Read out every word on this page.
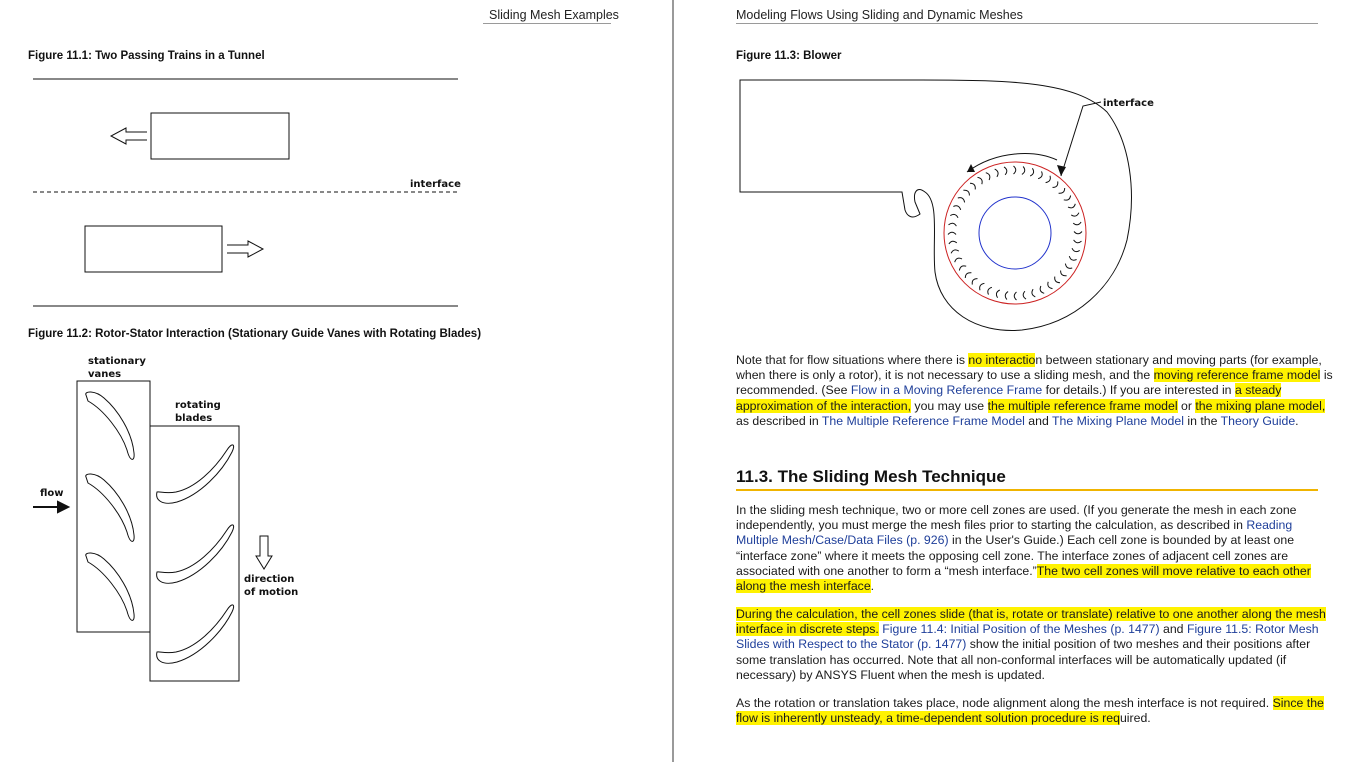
Sliding Mesh Examples
Figure 11.1: Two Passing Trains in a Tunnel
interface
Figure 11.2: Rotor-Stator Interaction (Stationary Guide Vanes with Rotating Blades)
stationary
vanes
rotating
blades
flow
direction
of motion
Modeling Flows Using Sliding and Dynamic Meshes
Figure 11.3: Blower
interface

Note that for flow situations where there is no interaction between stationary and moving parts (for example, when there is only a rotor), it is not necessary to use a sliding mesh, and the moving reference frame model is recommended. (See Flow in a Moving Reference Frame for details.) If you are interested in a steady approximation of the interaction, you may use the multiple reference frame model or the mixing plane model, as described in The Multiple Reference Frame Model and The Mixing Plane Model in the Theory Guide.

11.3. The Sliding Mesh Technique

In the sliding mesh technique, two or more cell zones are used. (If you generate the mesh in each zone independently, you must merge the mesh files prior to starting the calculation, as described in Reading Multiple Mesh/Case/Data Files (p. 926) in the User's Guide.) Each cell zone is bounded by at least one “interface zone” where it meets the opposing cell zone. The interface zones of adjacent cell zones are associated with one another to form a “mesh interface.”The two cell zones will move relative to each other along the mesh interface.

During the calculation, the cell zones slide (that is, rotate or translate) relative to one another along the mesh interface in discrete steps. Figure 11.4: Initial Position of the Meshes (p. 1477) and Figure 11.5: Rotor Mesh Slides with Respect to the Stator (p. 1477) show the initial position of two meshes and their positions after some translation has occurred. Note that all non-conformal interfaces will be automatically updated (if necessary) by ANSYS Fluent when the mesh is updated.

As the rotation or translation takes place, node alignment along the mesh interface is not required. Since the flow is inherently unsteady, a time-dependent solution procedure is required.
